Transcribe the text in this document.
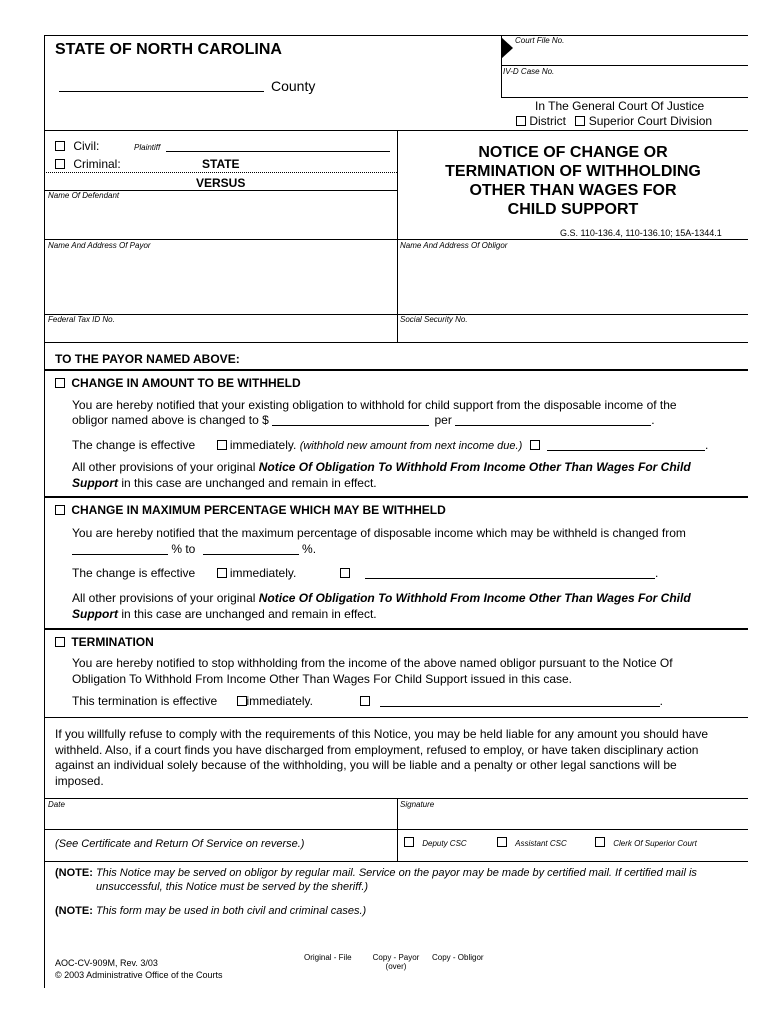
STATE OF NORTH CAROLINA
County
Court File No.
IV-D Case No.
In The General Court Of Justice
District Superior Court Division
Civil:	Plaintiff
Criminal:	STATE
VERSUS
Name Of Defendant
NOTICE OF CHANGE OR
TERMINATION OF WITHHOLDING
OTHER THAN WAGES FOR
CHILD SUPPORT
G.S. 110-136.4, 110-136.10; 15A-1344.1
Name And Address Of Payor	Name And Address Of Obligor
Federal Tax ID No.	Social Security No.
TO THE PAYOR NAMED ABOVE:
CHANGE IN AMOUNT TO BE WITHHELD
You are hereby notified that your existing obligation to withhold for child support from the disposable income of the
obligor named above is changed to $	per	.
The change is effective	immediately. (withhold new amount from next income due.)	.
All other provisions of your original Notice Of Obligation To Withhold From Income Other Than Wages For Child
Support in this case are unchanged and remain in effect.
CHANGE IN MAXIMUM PERCENTAGE WHICH MAY BE WITHHELD
You are hereby notified that the maximum percentage of disposable income which may be withheld is changed from
% to	%.
The change is effective	immediately.	.
All other provisions of your original Notice Of Obligation To Withhold From Income Other Than Wages For Child
Support in this case are unchanged and remain in effect.
TERMINATION
You are hereby notified to stop withholding from the income of the above named obligor pursuant to the Notice Of
Obligation To Withhold From Income Other Than Wages For Child Support issued in this case.
This termination is effective immediately.	.
If you willfully refuse to comply with the requirements of this Notice, you may be held liable for any amount you should have
withheld. Also, if a court finds you have discharged from employment, refused to employ, or have taken disciplinary action
against an individual solely because of the withholding, you will be liable and a penalty or other legal sanctions will be
imposed.
Date	Signature
(See Certificate and Return Of Service on reverse.)	Deputy CSC	Assistant CSC	Clerk Of Superior Court
(NOTE: This Notice may be served on obligor by regular mail. Service on the payor may be made by certified mail. If certified mail is
unsuccessful, this Notice must be served by the sheriff.)
(NOTE: This form may be used in both civil and criminal cases.)
AOC-CV-909M, Rev. 3/03
© 2003 Administrative Office of the Courts
Original - File	Copy - Payor
(over)
Copy - Obligor
